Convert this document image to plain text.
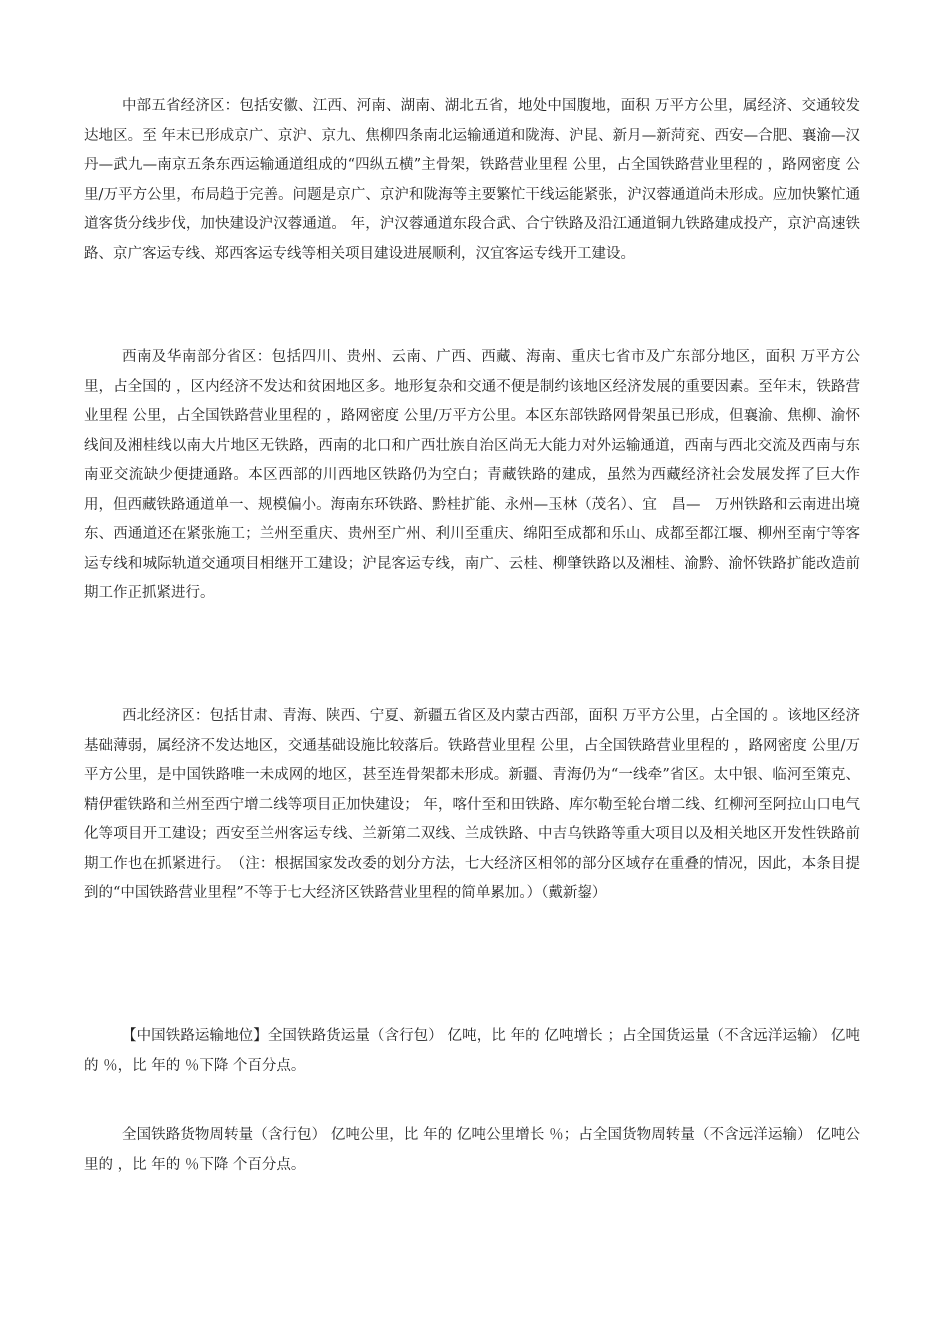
中部五省经济区：包括安徽、江西、河南、湖南、湖北五省，地处中国腹地，面积 万平方公里，属经济、交通较发达地区。至 年末已形成京广、京沪、京九、焦柳四条南北运输通道和陇海、沪昆、新月—新菏兖、西安—合肥、襄渝—汉丹—武九—南京五条东西运输通道组成的“四纵五横”主骨架，铁路营业里程 公里，占全国铁路营业里程的 ，路网密度 公里/万平方公里，布局趋于完善。问题是京广、京沪和陇海等主要繁忙干线运能紧张，沪汉蓉通道尚未形成。应加快繁忙通道客货分线步伐，加快建设沪汉蓉通道。 年，沪汉蓉通道东段合武、合宁铁路及沿江通道铜九铁路建成投产，京沪高速铁路、京广客运专线、郑西客运专线等相关项目建设进展顺利，汉宜客运专线开工建设。

西南及华南部分省区：包括四川、贵州、云南、广西、西藏、海南、重庆七省市及广东部分地区，面积 万平方公里，占全国的 ，区内经济不发达和贫困地区多。地形复杂和交通不便是制约该地区经济发展的重要因素。至年末，铁路营业里程 公里，占全国铁路营业里程的 ，路网密度 公里/万平方公里。本区东部铁路网骨架虽已形成，但襄渝、焦柳、渝怀线间及湘桂线以南大片地区无铁路，西南的北口和广西壮族自治区尚无大能力对外运输通道，西南与西北交流及西南与东南亚交流缺少便捷通路。本区西部的川西地区铁路仍为空白；青藏铁路的建成，虽然为西藏经济社会发展发挥了巨大作用，但西藏铁路通道单一、规模偏小。海南东环铁路、黔桂扩能、永州—玉林（茂名）、宜　昌—　万州铁路和云南进出境东、西通道还在紧张施工；兰州至重庆、贵州至广州、利川至重庆、绵阳至成都和乐山、成都至都江堰、柳州至南宁等客运专线和城际轨道交通项目相继开工建设；沪昆客运专线，南广、云桂、柳肇铁路以及湘桂、渝黔、渝怀铁路扩能改造前期工作正抓紧进行。

西北经济区：包括甘肃、青海、陕西、宁夏、新疆五省区及内蒙古西部，面积 万平方公里，占全国的 。该地区经济基础薄弱，属经济不发达地区，交通基础设施比较落后。铁路营业里程 公里，占全国铁路营业里程的 ，路网密度 公里/万平方公里，是中国铁路唯一未成网的地区，甚至连骨架都未形成。新疆、青海仍为“一线牵”省区。太中银、临河至策克、精伊霍铁路和兰州至西宁增二线等项目正加快建设； 年，喀什至和田铁路、库尔勒至轮台增二线、红柳河至阿拉山口电气化等项目开工建设；西安至兰州客运专线、兰新第二双线、兰成铁路、中吉乌铁路等重大项目以及相关地区开发性铁路前期工作也在抓紧进行。　（注：根据国家发改委的划分方法，七大经济区相邻的部分区域存在重叠的情况，因此，本条目提到的“中国铁路营业里程”不等于七大经济区铁路营业里程的简单累加。）（戴新鋆）

【中国铁路运输地位】全国铁路货运量（含行包） 亿吨，比 年的 亿吨增长 ；占全国货运量（不含远洋运输） 亿吨的 ％，比 年的 ％下降 个百分点。

全国铁路货物周转量（含行包） 亿吨公里，比 年的 亿吨公里增长 ％；占全国货物周转量（不含远洋运输） 亿吨公里的 ，比 年的 ％下降 个百分点。
